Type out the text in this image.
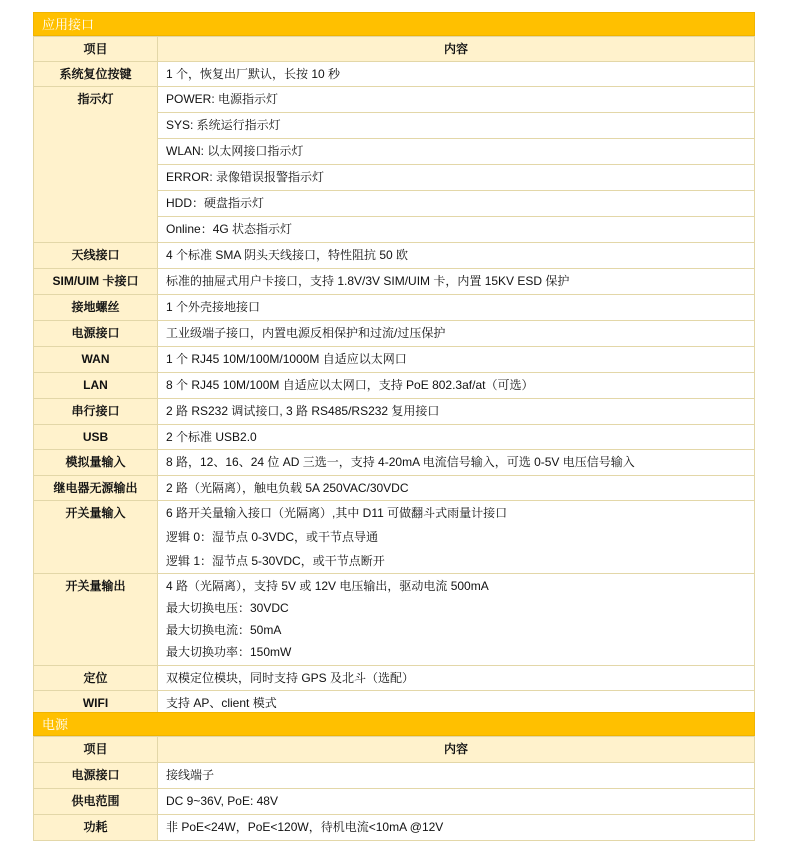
应用接口
项目	内容
系统复位按键	1 个，恢复出厂默认，长按 10 秒
指示灯	POWER: 电源指示灯
	SYS: 系统运行指示灯
	WLAN: 以太网接口指示灯
	ERROR: 录像错误报警指示灯
	HDD：硬盘指示灯
	Online：4G 状态指示灯
天线接口	4 个标准 SMA 阴头天线接口，特性阻抗 50 欧
SIM/UIM 卡接口	标准的抽屉式用户卡接口，支持 1.8V/3V SIM/UIM 卡，内置 15KV ESD 保护
接地螺丝	1 个外壳接地接口
电源接口	工业级端子接口，内置电源反相保护和过流/过压保护
WAN	1 个 RJ45 10M/100M/1000M 自适应以太网口
LAN	8 个 RJ45 10M/100M 自适应以太网口，支持 PoE 802.3af/at（可选）
串行接口	2 路 RS232 调试接口, 3 路 RS485/RS232 复用接口
USB	2 个标准 USB2.0
模拟量输入	8 路，12、16、24 位 AD 三选一，支持 4-20mA 电流信号输入，可选 0-5V 电压信号输入
继电器无源输出	2 路（光隔离），触电负载 5A 250VAC/30VDC
开关量输入	6 路开关量输入接口（光隔离）,其中 D11 可做翻斗式雨量计接口
逻辑 0：湿节点 0-3VDC，或干节点导通
逻辑 1：湿节点 5-30VDC，或干节点断开

开关量输出	4 路（光隔离），支持 5V 或 12V 电压输出，驱动电流 500mA
最大切换电压：30VDC
最大切换电流：50mA
最大切换功率：150mW

定位	双模定位模块，同时支持 GPS 及北斗（选配）
WIFI	支持 AP、client 模式
电源
项目	内容
电源接口	接线端子
供电范围	DC 9~36V, PoE: 48V
功耗	非 PoE<24W，PoE<120W，待机电流<10mA @12V
